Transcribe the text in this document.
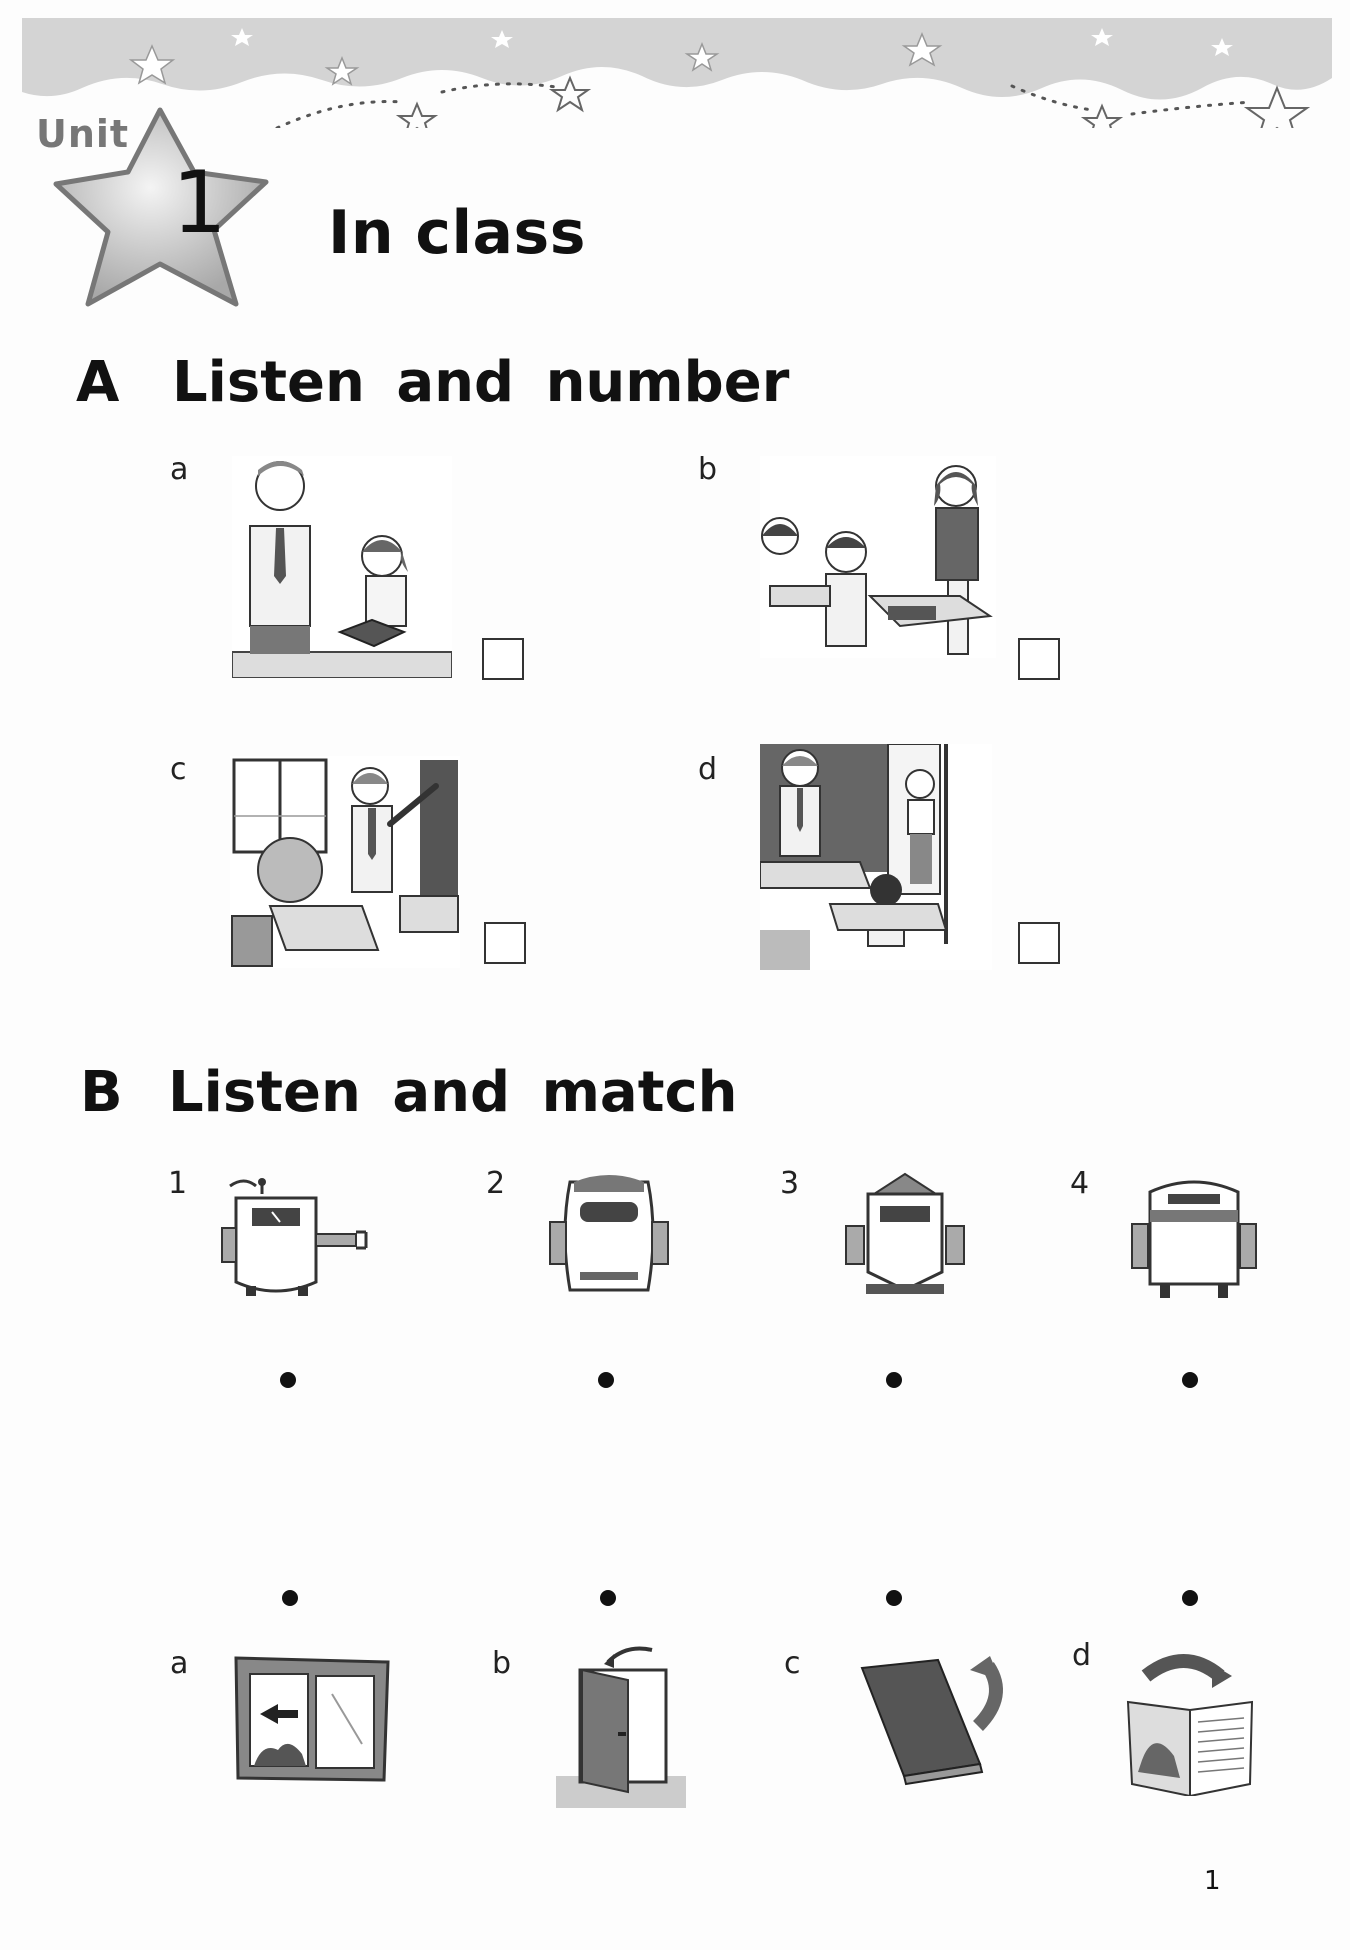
Unit
1 In class
A Listen and number
a	b
c	d
B Listen and match
1	2	3	4
a	b	c	d
1
